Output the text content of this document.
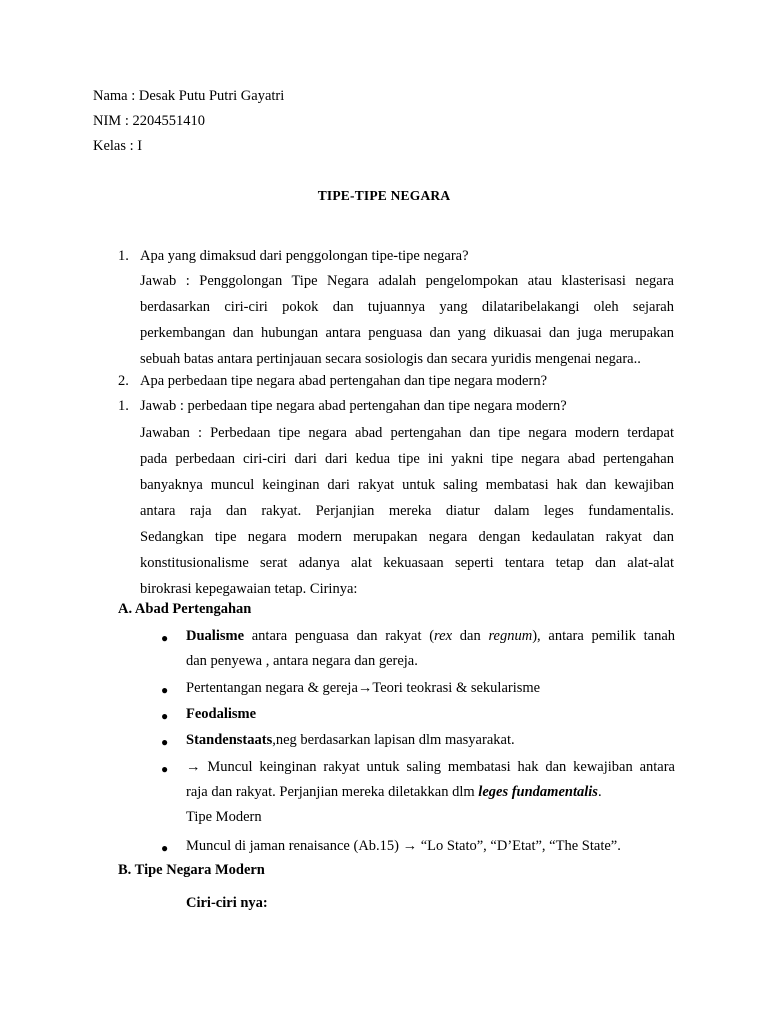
Nama : Desak Putu Putri Gayatri
NIM : 2204551410
Kelas : I
TIPE-TIPE NEGARA
1. Apa yang dimaksud dari penggolongan tipe-tipe negara?
Jawab : Penggolongan Tipe Negara adalah pengelompokan atau klasterisasi negara
berdasarkan ciri-ciri pokok dan tujuannya yang dilataribelakangi oleh sejarah
perkembangan dan hubungan antara penguasa dan yang dikuasai dan juga merupakan
sebuah batas antara pertinjauan secara sosiologis dan secara yuridis mengenai negara..
2. Apa perbedaan tipe negara abad pertengahan dan tipe negara modern?
1. Jawab : perbedaan tipe negara abad pertengahan dan tipe negara modern?
Jawaban : Perbedaan tipe negara abad pertengahan dan tipe negara modern terdapat
pada perbedaan ciri-ciri dari dari kedua tipe ini yakni tipe negara abad pertengahan
banyaknya muncul keinginan dari rakyat untuk saling membatasi hak dan kewajiban
antara raja dan rakyat. Perjanjian mereka diatur dalam leges fundamentalis.
Sedangkan tipe negara modern merupakan negara dengan kedaulatan rakyat dan
konstitusionalisme serat adanya alat kekuasaan seperti tentara tetap dan alat-alat
birokrasi kepegawaian tetap. Cirinya:
A. Abad Pertengahan
● Dualisme antara penguasa dan rakyat (rex dan regnum), antara pemilik tanah
dan penyewa , antara negara dan gereja.
● Pertentangan negara & gereja→Teori teokrasi & sekularisme
● Feodalisme
● Standenstaats,neg berdasarkan lapisan dlm masyarakat.
● → Muncul keinginan rakyat untuk saling membatasi hak dan kewajiban antara
raja dan rakyat. Perjanjian mereka diletakkan dlm leges fundamentalis.
Tipe Modern
● Muncul di jaman renaisance (Ab.15) → “Lo Stato”, “D’Etat”, “The State”.
B. Tipe Negara Modern
Ciri-ciri nya:
